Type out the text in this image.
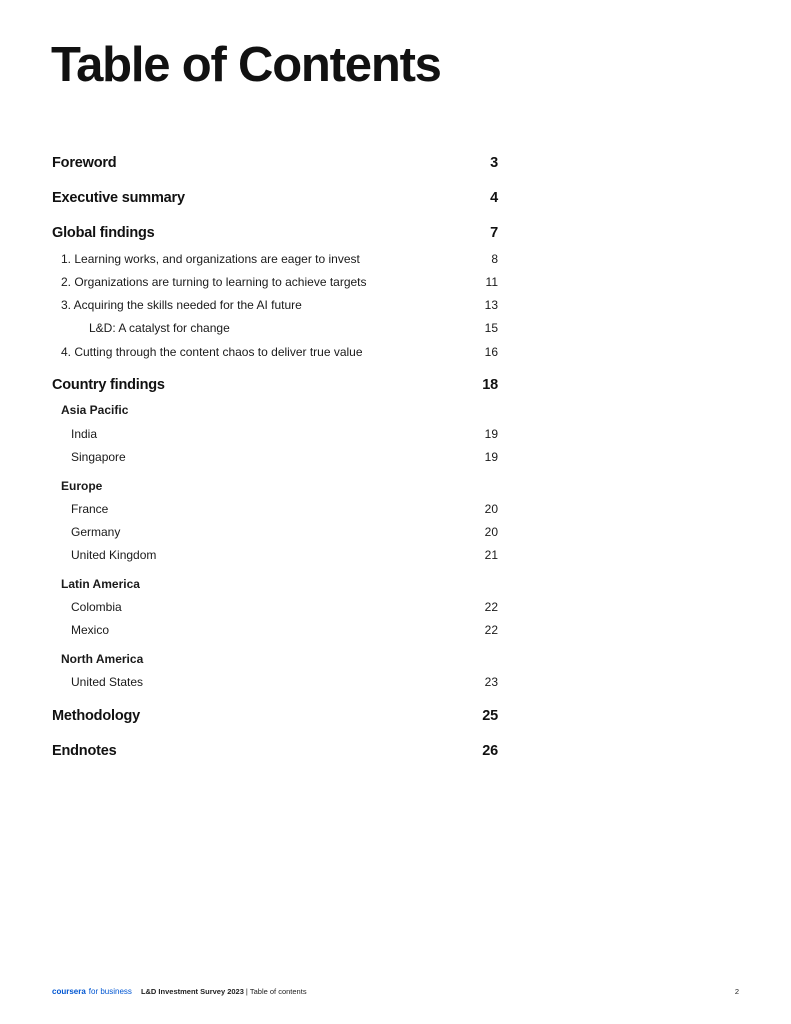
Table of Contents
Foreword	3
Executive summary	4
Global findings	7
1. Learning works, and organizations are eager to invest	8
2. Organizations are turning to learning to achieve targets	11
3. Acquiring the skills needed for the AI future	13
L&D: A catalyst for change	15
4. Cutting through the content chaos to deliver true value	16
Country findings	18
Asia Pacific
India	19
Singapore	19
Europe
France	20
Germany	20
United Kingdom	21
Latin America
Colombia	22
Mexico	22
North America
United States	23
Methodology	25
Endnotes	26
coursera for business L&D Investment Survey 2023 | Table of contents	2
